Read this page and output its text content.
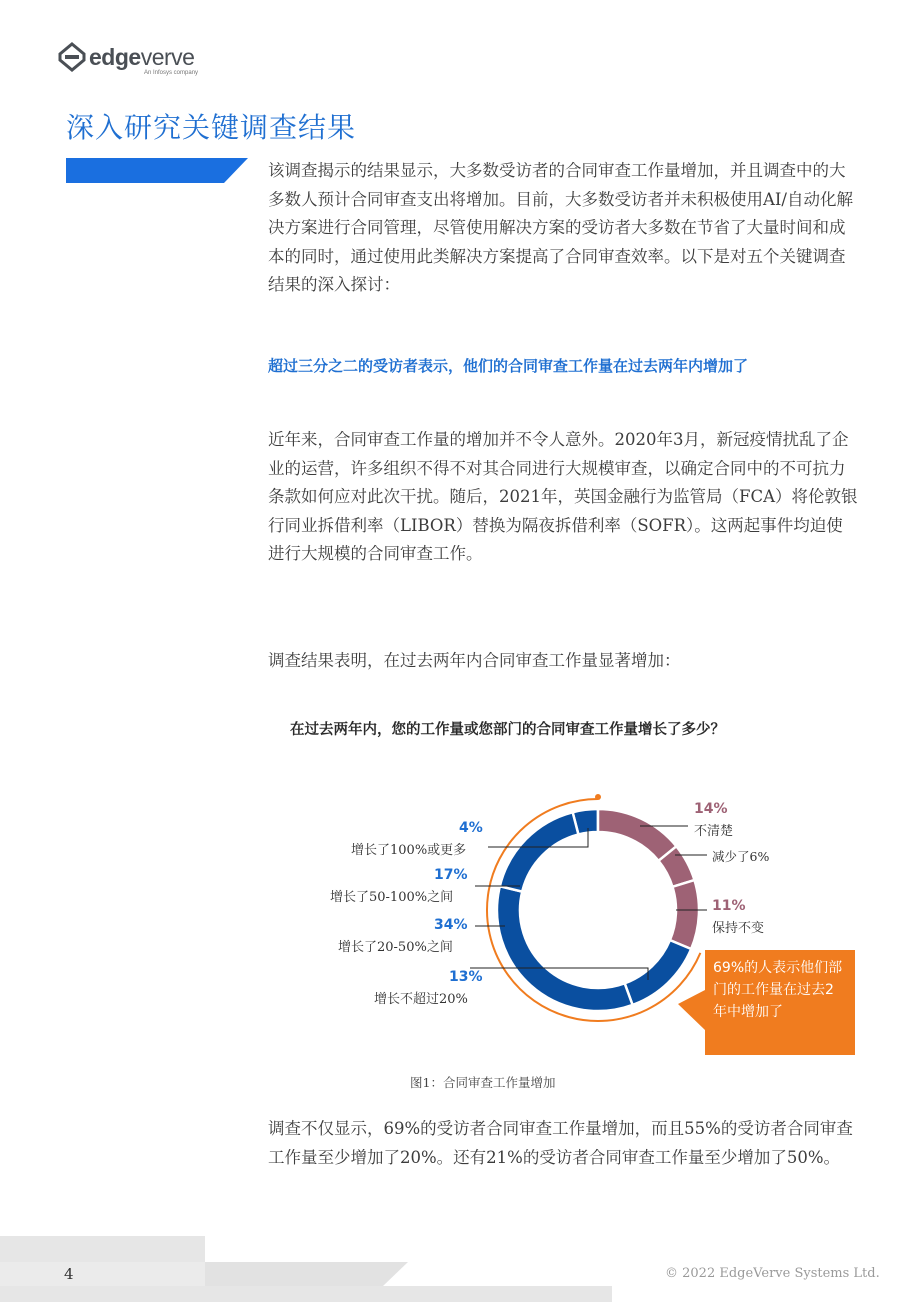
edgeverve
An Infosys company
深入研究关键调查结果

该调查揭示的结果显示，大多数受访者的合同审查工作量增加，并且调查中的大多数人预计合同审查支出将增加。目前，大多数受访者并未积极使用AI/自动化解决方案进行合同管理，尽管使用解决方案的受访者大多数在节省了大量时间和成本的同时，通过使用此类解决方案提高了合同审查效率。以下是对五个关键调查结果的深入探讨：

超过三分之二的受访者表示，他们的合同审查工作量在过去两年内增加了

近年来，合同审查工作量的增加并不令人意外。2020年3月，新冠疫情扰乱了企业的运营，许多组织不得不对其合同进行大规模审查，以确定合同中的不可抗力条款如何应对此次干扰。随后，2021年，英国金融行为监管局（FCA）将伦敦银行同业拆借利率（LIBOR）替换为隔夜拆借利率（SOFR）。这两起事件均迫使进行大规模的合同审查工作。

调查结果表明，在过去两年内合同审查工作量显著增加：

在过去两年内，您的工作量或您部门的合同审查工作量增长了多少？
4%
增长了100%或更多
17%
增长了50-100%之间
34%
增长了20-50%之间
13%
增长不超过20%
14%
不清楚
减少了6%
11%
保持不变
69%的人表示他们部门的工作量在过去2年中增加了
图1：合同审查工作量增加

调查不仅显示，69%的受访者合同审查工作量增加，而且55%的受访者合同审查工作量至少增加了20%。还有21%的受访者合同审查工作量至少增加了50%。

4	© 2022 EdgeVerve Systems Ltd.
